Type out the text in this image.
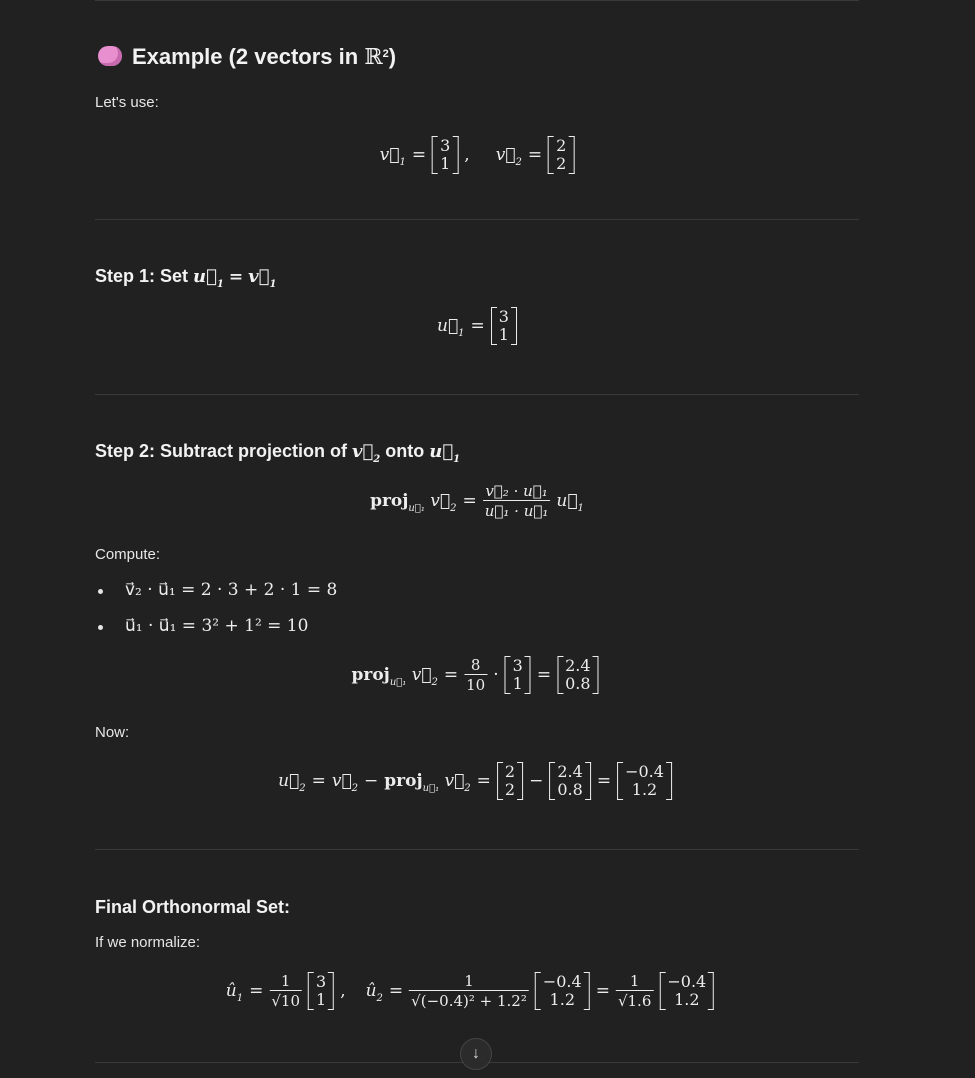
Example (2 vectors in ℝ$^2$)
Let's use:
$v⃗_1 = 3$
1 , $v⃗_2 = 2$
2
Step 1: Set $u⃗_1$ = $v⃗_1$
$u⃗_1 = 3$
1
Step 2: Subtract projection of $v⃗_2$ onto $u⃗_1$
proj$_{u⃗_1}$ $v⃗_2 = \frac{\text{v⃗₂ · u⃗₁}}{\text{u⃗₁ · u⃗₁}}$ $u⃗_1$
Compute:
v⃗₂ · u⃗₁ = 2 · 3 + 2 · 1 = 8
u⃗₁ · u⃗₁ = 3² + 1² = 10
proj$_{u⃗_1}$ $v⃗_2 = \frac{8}{10} \cdot 3$
1 = 2.4
0.8
Now:
$u⃗_2$ = $v⃗_2$ − proj$_{u⃗_1}$ $v⃗_2 = 2$
2 − 2.4
0.8 = −0.4
1.2
Final Orthonormal Set:
If we normalize:
$û_1 = \frac{1}{√10} 3$
1 , $û_2 = \frac{1}{\text{√(−0.4)² + 1.2²}} -0.4$
$1.2 = \frac{1}{√1.6} -0.4$
1.2
↓
